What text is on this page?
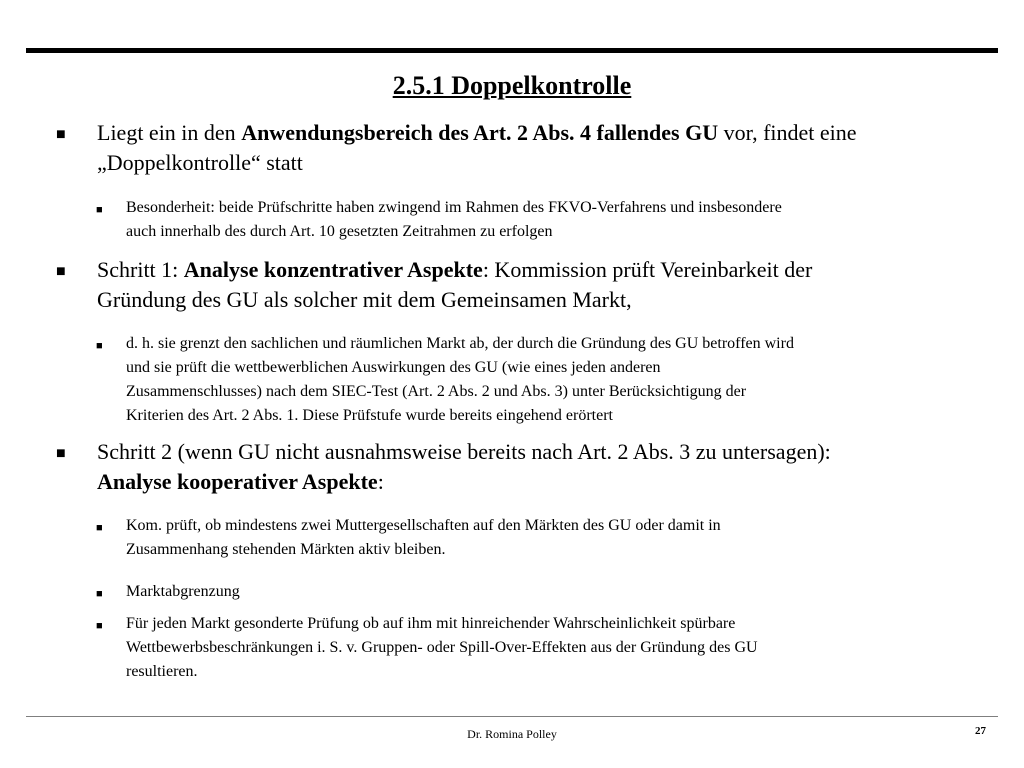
2.5.1 Doppelkontrolle
■ Liegt ein in den Anwendungsbereich des Art. 2 Abs. 4 fallendes GU vor, findet eine
„Doppelkontrolle“ statt
■ Besonderheit: beide Prüfschritte haben zwingend im Rahmen des FKVO-Verfahrens und insbesondere
auch innerhalb des durch Art. 10 gesetzten Zeitrahmen zu erfolgen
■ Schritt 1: Analyse konzentrativer Aspekte: Kommission prüft Vereinbarkeit der
Gründung des GU als solcher mit dem Gemeinsamen Markt,
■ d. h. sie grenzt den sachlichen und räumlichen Markt ab, der durch die Gründung des GU betroffen wird
und sie prüft die wettbewerblichen Auswirkungen des GU (wie eines jeden anderen
Zusammenschlusses) nach dem SIEC-Test (Art. 2 Abs. 2 und Abs. 3) unter Berücksichtigung der
Kriterien des Art. 2 Abs. 1. Diese Prüfstufe wurde bereits eingehend erörtert
■ Schritt 2 (wenn GU nicht ausnahmsweise bereits nach Art. 2 Abs. 3 zu untersagen):
Analyse kooperativer Aspekte:
■ Kom. prüft, ob mindestens zwei Muttergesellschaften auf den Märkten des GU oder damit in
Zusammenhang stehenden Märkten aktiv bleiben.
■ Marktabgrenzung
■ Für jeden Markt gesonderte Prüfung ob auf ihm mit hinreichender Wahrscheinlichkeit spürbare
Wettbewerbsbeschränkungen i. S. v. Gruppen- oder Spill-Over-Effekten aus der Gründung des GU
resultieren.
Dr. Romina Polley	27
